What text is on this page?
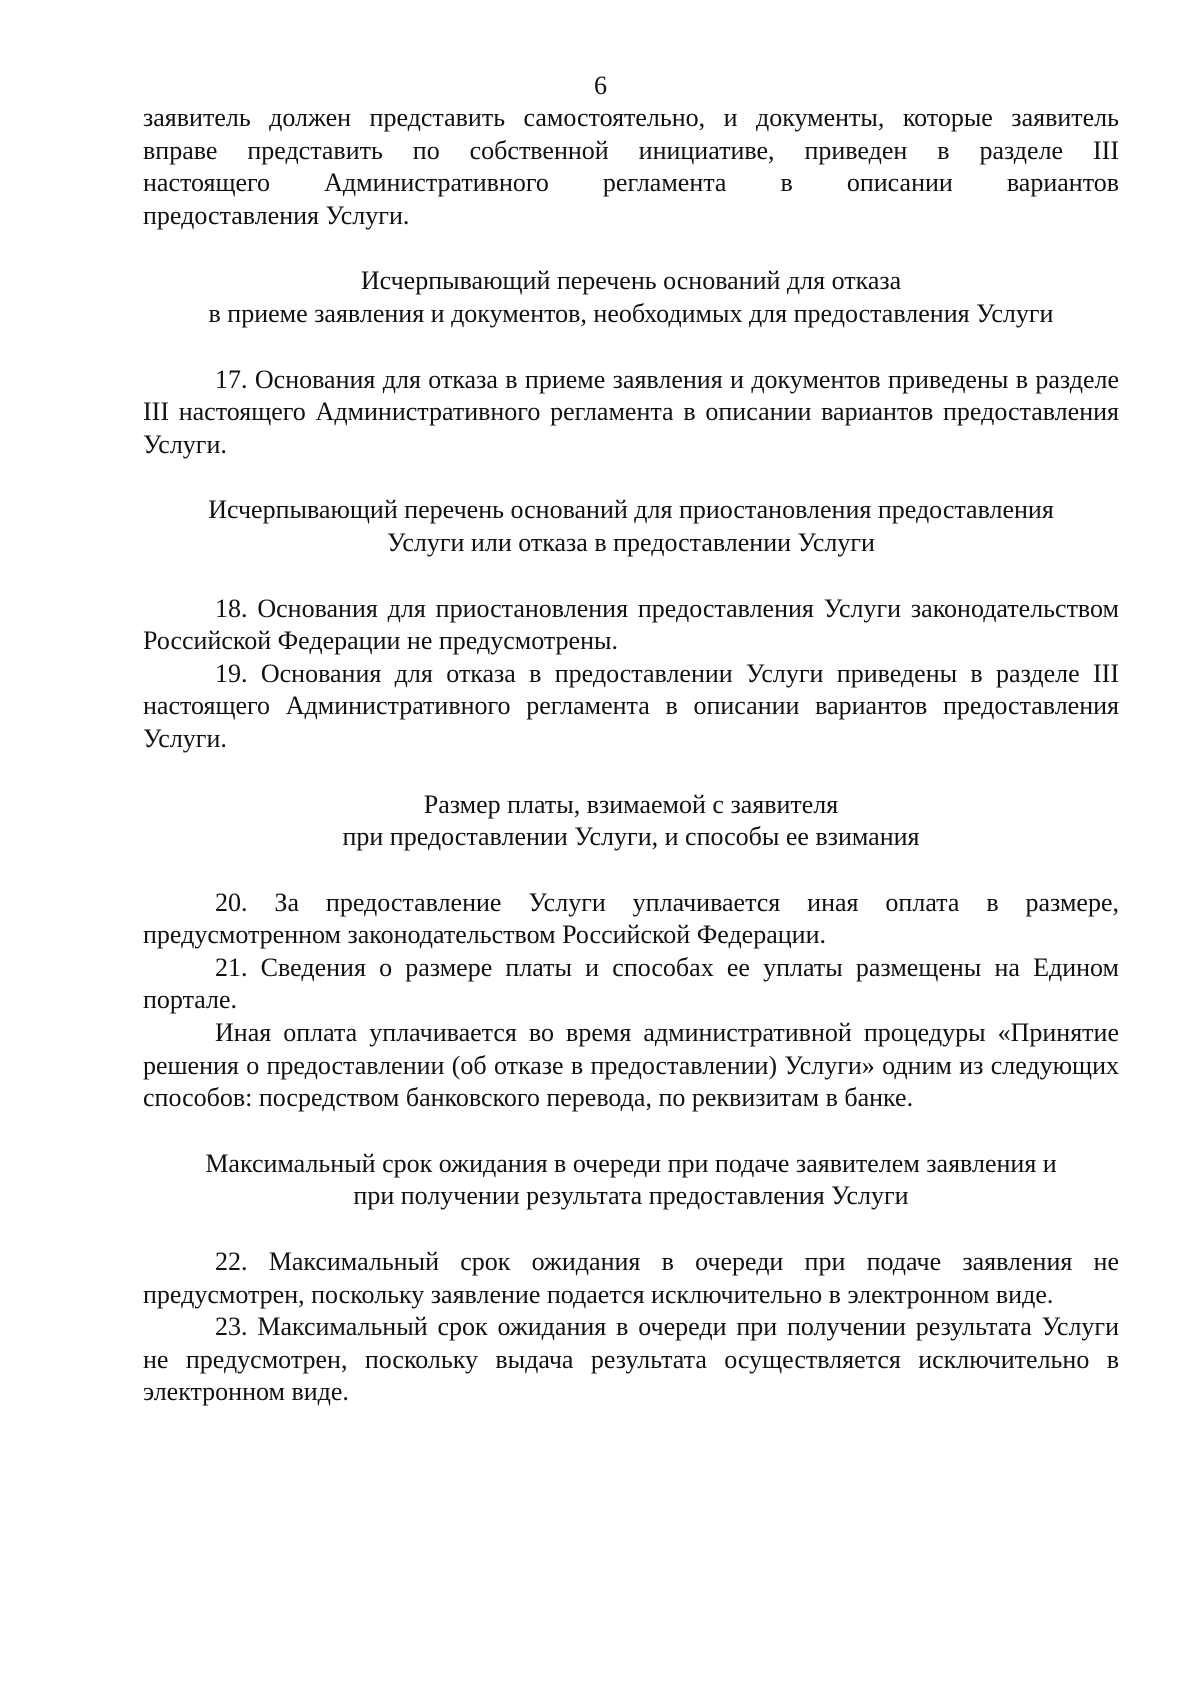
6
заявитель должен представить самостоятельно, и документы, которые заявитель
вправе представить по собственной инициативе, приведен в разделе III
настоящего Административного регламента в описании вариантов
предоставления Услуги.
Исчерпывающий перечень оснований для отказа
в приеме заявления и документов, необходимых для предоставления Услуги

17. Основания для отказа в приеме заявления и документов приведены в разделе III настоящего Административного регламента в описании вариантов предоставления Услуги.

Исчерпывающий перечень оснований для приостановления предоставления
Услуги или отказа в предоставлении Услуги

18. Основания для приостановления предоставления Услуги законодательством Российской Федерации не предусмотрены.

19. Основания для отказа в предоставлении Услуги приведены в разделе III настоящего Административного регламента в описании вариантов предоставления Услуги.

Размер платы, взимаемой с заявителя
при предоставлении Услуги, и способы ее взимания

20. За предоставление Услуги уплачивается иная оплата в размере, предусмотренном законодательством Российской Федерации.

21. Сведения о размере платы и способах ее уплаты размещены на Едином портале.

Иная оплата уплачивается во время административной процедуры «Принятие решения о предоставлении (об отказе в предоставлении) Услуги» одним из следующих способов: посредством банковского перевода, по реквизитам в банке.

Максимальный срок ожидания в очереди при подаче заявителем заявления и
при получении результата предоставления Услуги

22. Максимальный срок ожидания в очереди при подаче заявления не предусмотрен, поскольку заявление подается исключительно в электронном виде.

23. Максимальный срок ожидания в очереди при получении результата Услуги не предусмотрен, поскольку выдача результата осуществляется исключительно в электронном виде.
